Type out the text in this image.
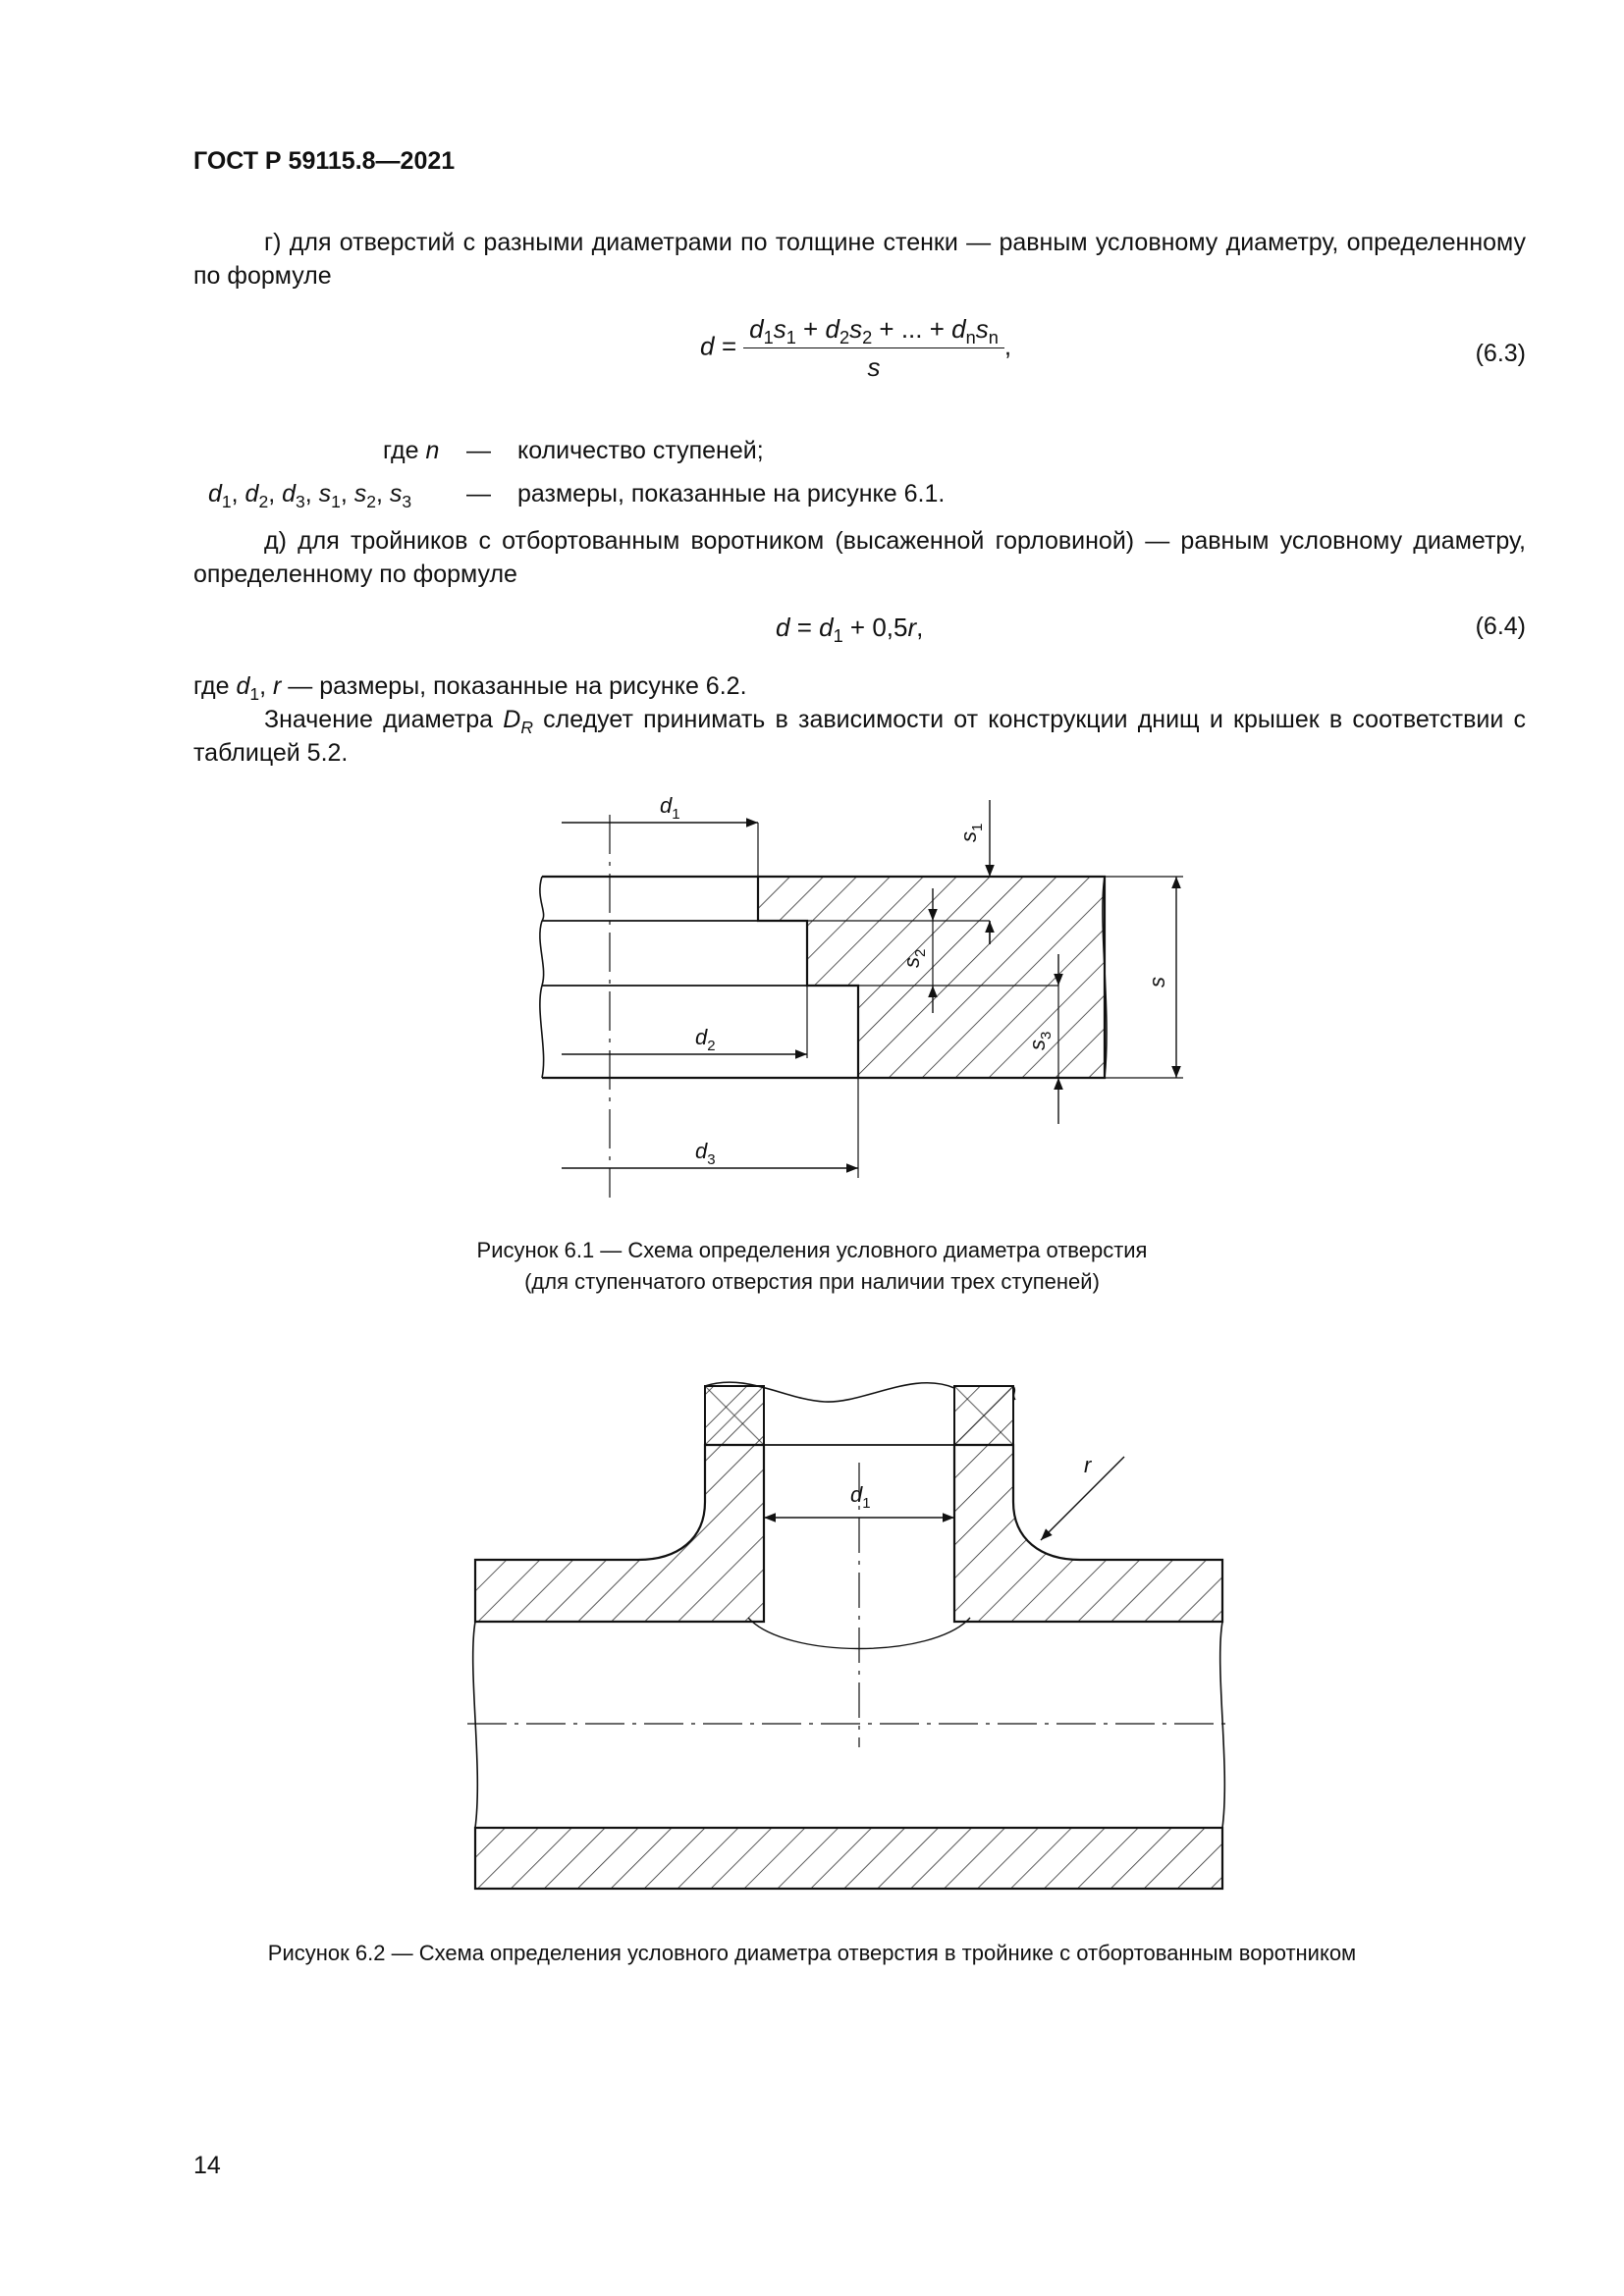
ГОСТ Р 59115.8—2021
г) для отверстий с разными диаметрами по толщине стенки — равным условному диаметру, определенному по формуле
$d = \frac{d_1s_1 + d_2s_2 + ... + d_ns_n}{s}$ ,	(6.3)
где n — количество ступеней;
$d_1$, $d_2$, $d_3$, $s_1$, $s_2$, $s_3$ — размеры, показанные на рисунке 6.1.
д) для тройников с отбортованным воротником (высаженной горловиной) — равным условному диаметру, определенному по формуле
$d = d_1 + 0,5r$,	(6.4)
где $d_1$, r — размеры, показанные на рисунке 6.2.
Значение диаметра $D_R$ следует принимать в зависимости от конструкции днищ и крышек в соответствии с таблицей 5.2.
$d_1$
$d_2$
$d_3$
$s_1$
$s_2$
$s_3$
s
$d_1$
r
Рисунок 6.1 — Схема определения условного диаметра отверстия
(для ступенчатого отверстия при наличии трех ступеней)
Рисунок 6.2 — Схема определения условного диаметра отверстия в тройнике с отбортованным воротником
14
